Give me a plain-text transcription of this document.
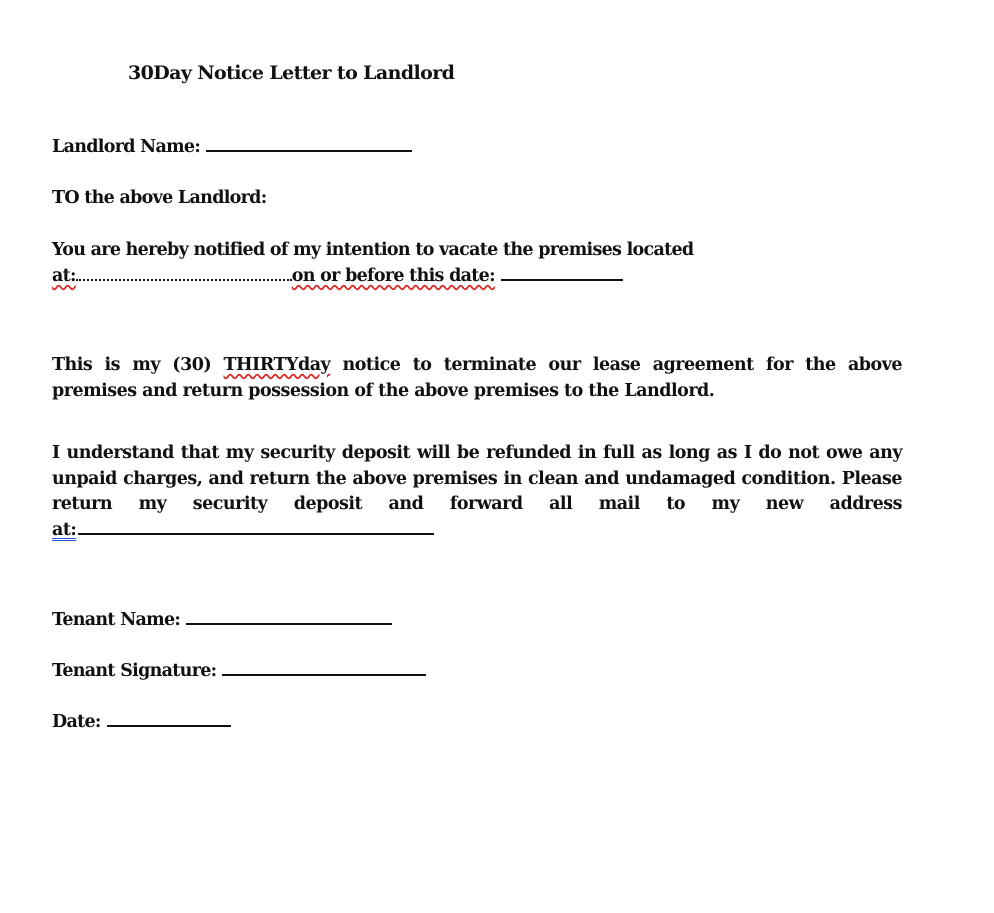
30Day Notice Letter to Landlord
Landlord Name:
TO the above Landlord:
You are hereby notified of my intention to vacate the premises located
at:	on or before this date:
This is my (30) THIRTYday notice to terminate our lease agreement for the above
premises and return possession of the above premises to the Landlord.
I understand that my security deposit will be refunded in full as long as I do not owe any
unpaid charges, and return the above premises in clean and undamaged condition. Please
return my security deposit and forward all mail to my new address
at:
Tenant Name:
Tenant Signature:
Date:
